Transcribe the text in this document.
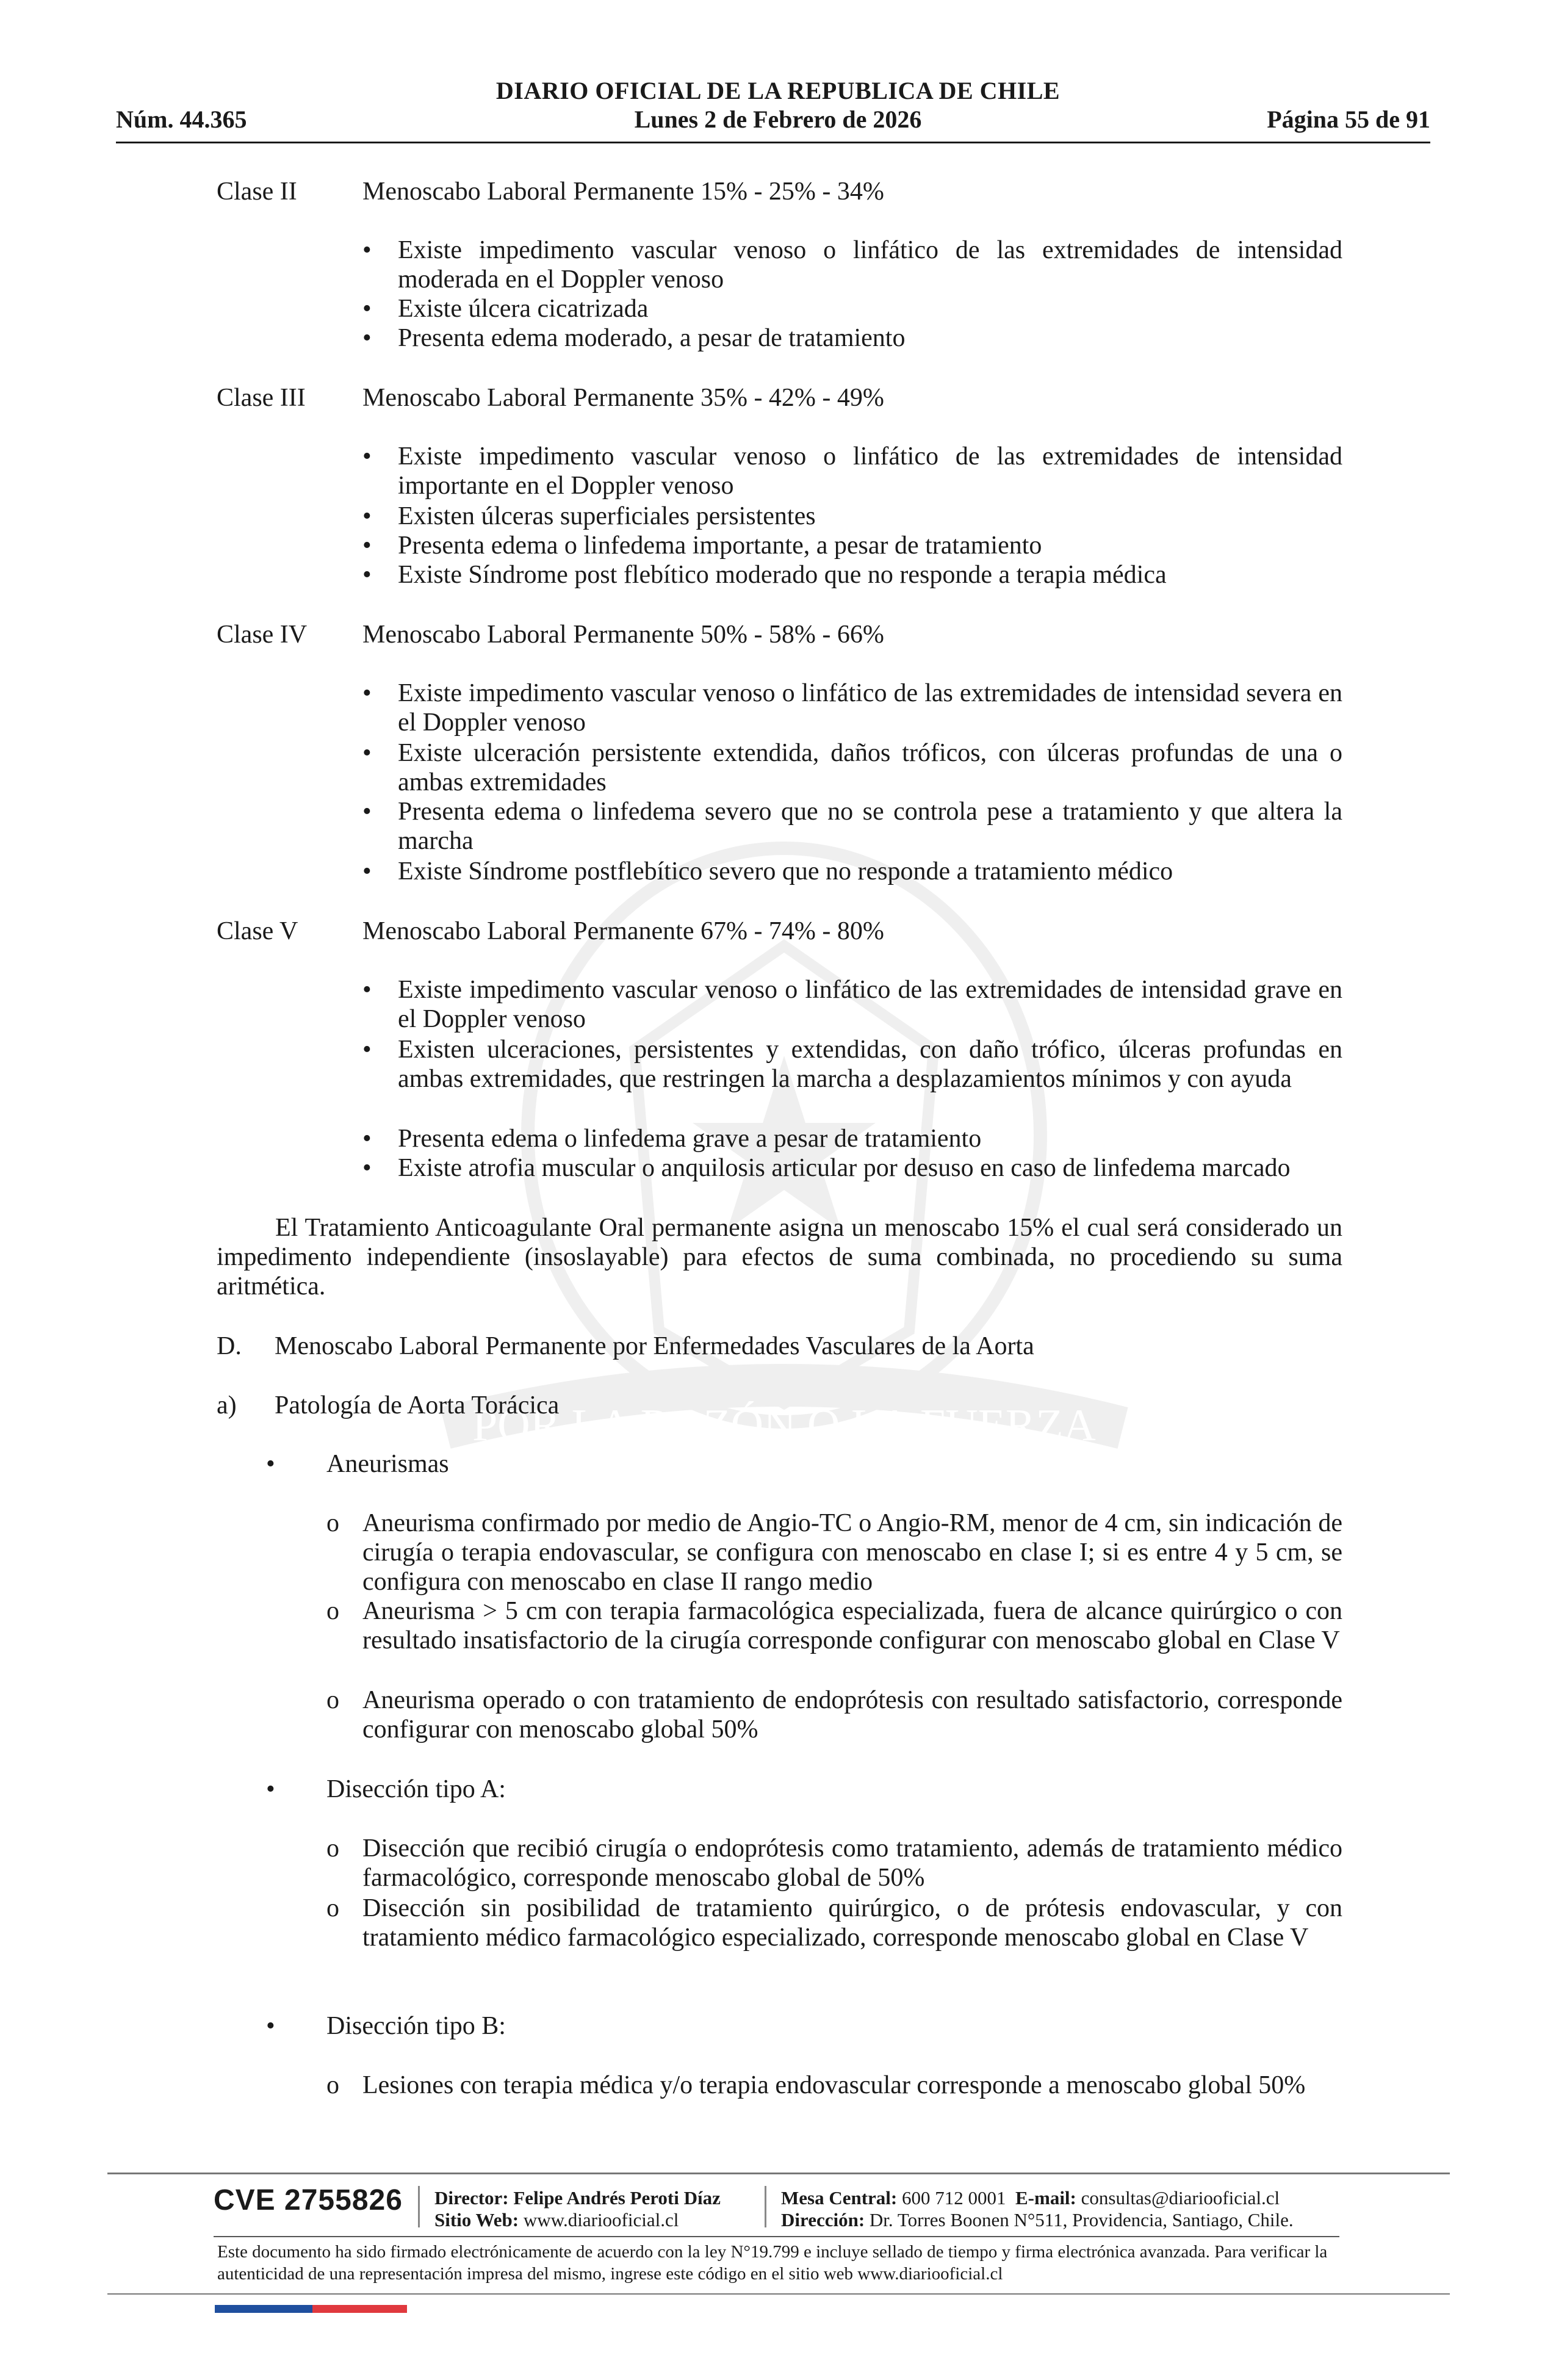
DIARIO OFICIAL DE LA REPUBLICA DE CHILE
Núm. 44.365	Lunes 2 de Febrero de 2026	Página 55 de 91
POR LA RAZÓN O LA FUERZA
Clase II	Menoscabo Laboral Permanente 15% - 25% - 34%
• Existe impedimento vascular venoso o linfático de las extremidades de intensidad moderada en el Doppler venoso
• Existe úlcera cicatrizada
• Presenta edema moderado, a pesar de tratamiento
Clase III Menoscabo Laboral Permanente 35% - 42% - 49%
• Existe impedimento vascular venoso o linfático de las extremidades de intensidad importante en el Doppler venoso
• Existen úlceras superficiales persistentes
• Presenta edema o linfedema importante, a pesar de tratamiento
• Existe Síndrome post flebítico moderado que no responde a terapia médica
Clase IV Menoscabo Laboral Permanente 50% - 58% - 66%
• Existe impedimento vascular venoso o linfático de las extremidades de intensidad severa en el Doppler venoso
• Existe ulceración persistente extendida, daños tróficos, con úlceras profundas de una o ambas extremidades
• Presenta edema o linfedema severo que no se controla pese a tratamiento y que altera la marcha
• Existe Síndrome postflebítico severo que no responde a tratamiento médico
Clase V	Menoscabo Laboral Permanente 67% - 74% - 80%
• Existe impedimento vascular venoso o linfático de las extremidades de intensidad grave en el Doppler venoso
• Existen ulceraciones, persistentes y extendidas, con daño trófico, úlceras profundas en ambas extremidades, que restringen la marcha a desplazamientos mínimos y con ayuda
• Presenta edema o linfedema grave a pesar de tratamiento
• Existe atrofia muscular o anquilosis articular por desuso en caso de linfedema marcado
El Tratamiento Anticoagulante Oral permanente asigna un menoscabo 15% el cual será considerado un impedimento independiente (insoslayable) para efectos de suma combinada, no procediendo su suma aritmética.
D. Menoscabo Laboral Permanente por Enfermedades Vasculares de la Aorta
a) Patología de Aorta Torácica
• Aneurismas
o Aneurisma confirmado por medio de Angio-TC o Angio-RM, menor de 4 cm, sin indicación de cirugía o terapia endovascular, se configura con menoscabo en clase I; si es entre 4 y 5 cm, se configura con menoscabo en clase II rango medio
o Aneurisma > 5 cm con terapia farmacológica especializada, fuera de alcance quirúrgico o con resultado insatisfactorio de la cirugía corresponde configurar con menoscabo global en Clase V
o Aneurisma operado o con tratamiento de endoprótesis con resultado satisfactorio, corresponde configurar con menoscabo global 50%
• Disección tipo A:
o Disección que recibió cirugía o endoprótesis como tratamiento, además de tratamiento médico farmacológico, corresponde menoscabo global de 50%
o Disección sin posibilidad de tratamiento quirúrgico, o de prótesis endovascular, y con tratamiento médico farmacológico especializado, corresponde menoscabo global en Clase V
• Disección tipo B:
o Lesiones con terapia médica y/o terapia endovascular corresponde a menoscabo global 50%
CVE 2755826 Director: Felipe Andrés Peroti Díaz
Sitio Web: www.diariooficial.cl
Mesa Central: 600 712 0001 E-mail: consultas@diariooficial.cl
Dirección: Dr. Torres Boonen N°511, Providencia, Santiago, Chile.
Este documento ha sido firmado electrónicamente de acuerdo con la ley N°19.799 e incluye sellado de tiempo y firma electrónica avanzada. Para verificar la autenticidad de una representación impresa del mismo, ingrese este código en el sitio web www.diariooficial.cl
